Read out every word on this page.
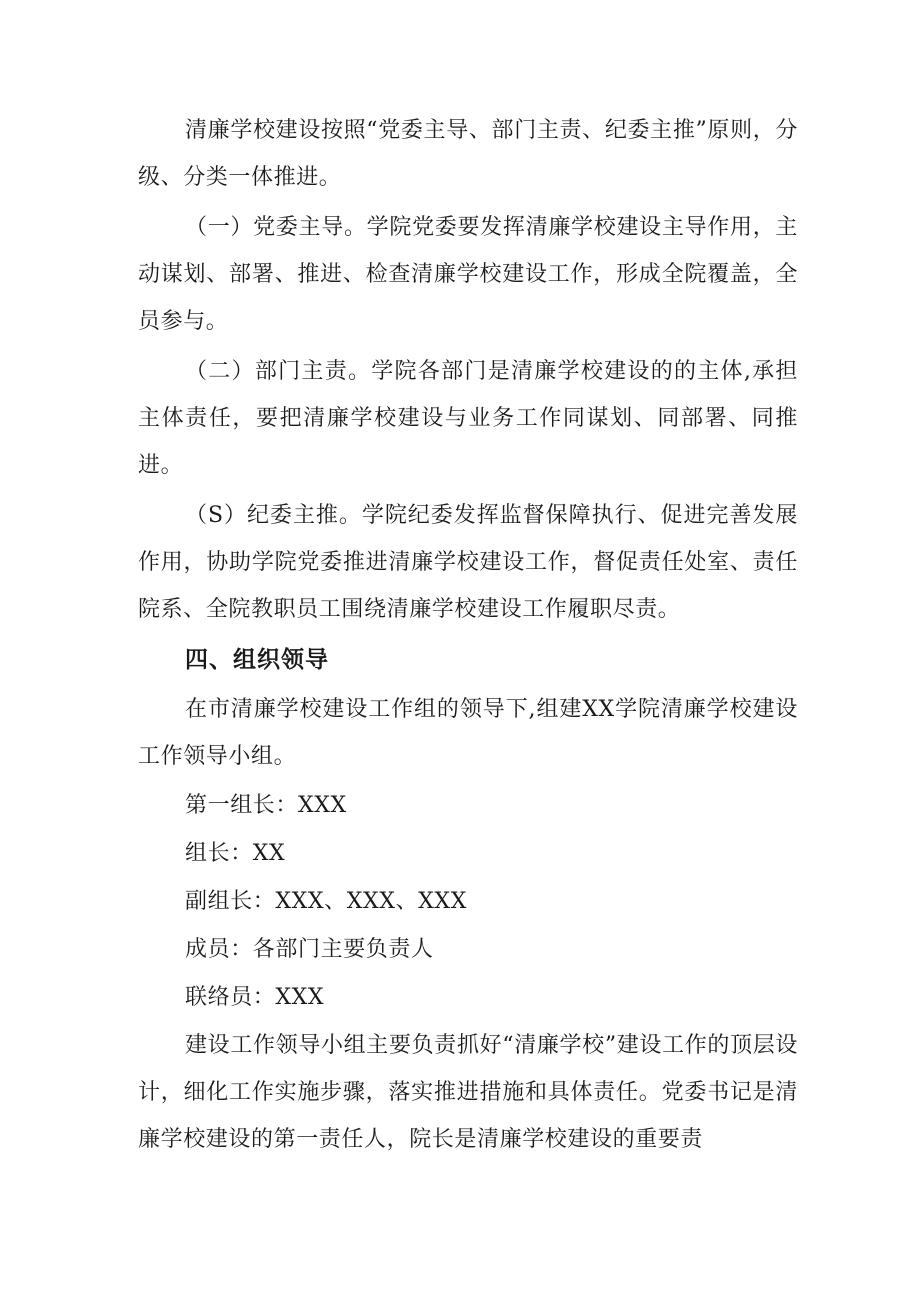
清廉学校建设按照“党委主导、部门主责、纪委主推”原则，分级、分类一体推进。

（一）党委主导。学院党委要发挥清廉学校建设主导作用，主动谋划、部署、推进、检查清廉学校建设工作，形成全院覆盖，全员参与。

（二）部门主责。学院各部门是清廉学校建设的的主体,承担主体责任，要把清廉学校建设与业务工作同谋划、同部署、同推进。

（S）纪委主推。学院纪委发挥监督保障执行、促进完善发展作用，协助学院党委推进清廉学校建设工作，督促责任处室、责任院系、全院教职员工围绕清廉学校建设工作履职尽责。

四、组织领导

在市清廉学校建设工作组的领导下,组建XX学院清廉学校建设工作领导小组。

第一组长：XXX
组长：XX
副组长：XXX、XXX、XXX
成员：各部门主要负责人
联络员：XXX

建设工作领导小组主要负责抓好“清廉学校”建设工作的顶层设计，细化工作实施步骤，落实推进措施和具体责任。党委书记是清廉学校建设的第一责任人，院长是清廉学校建设的重要责
